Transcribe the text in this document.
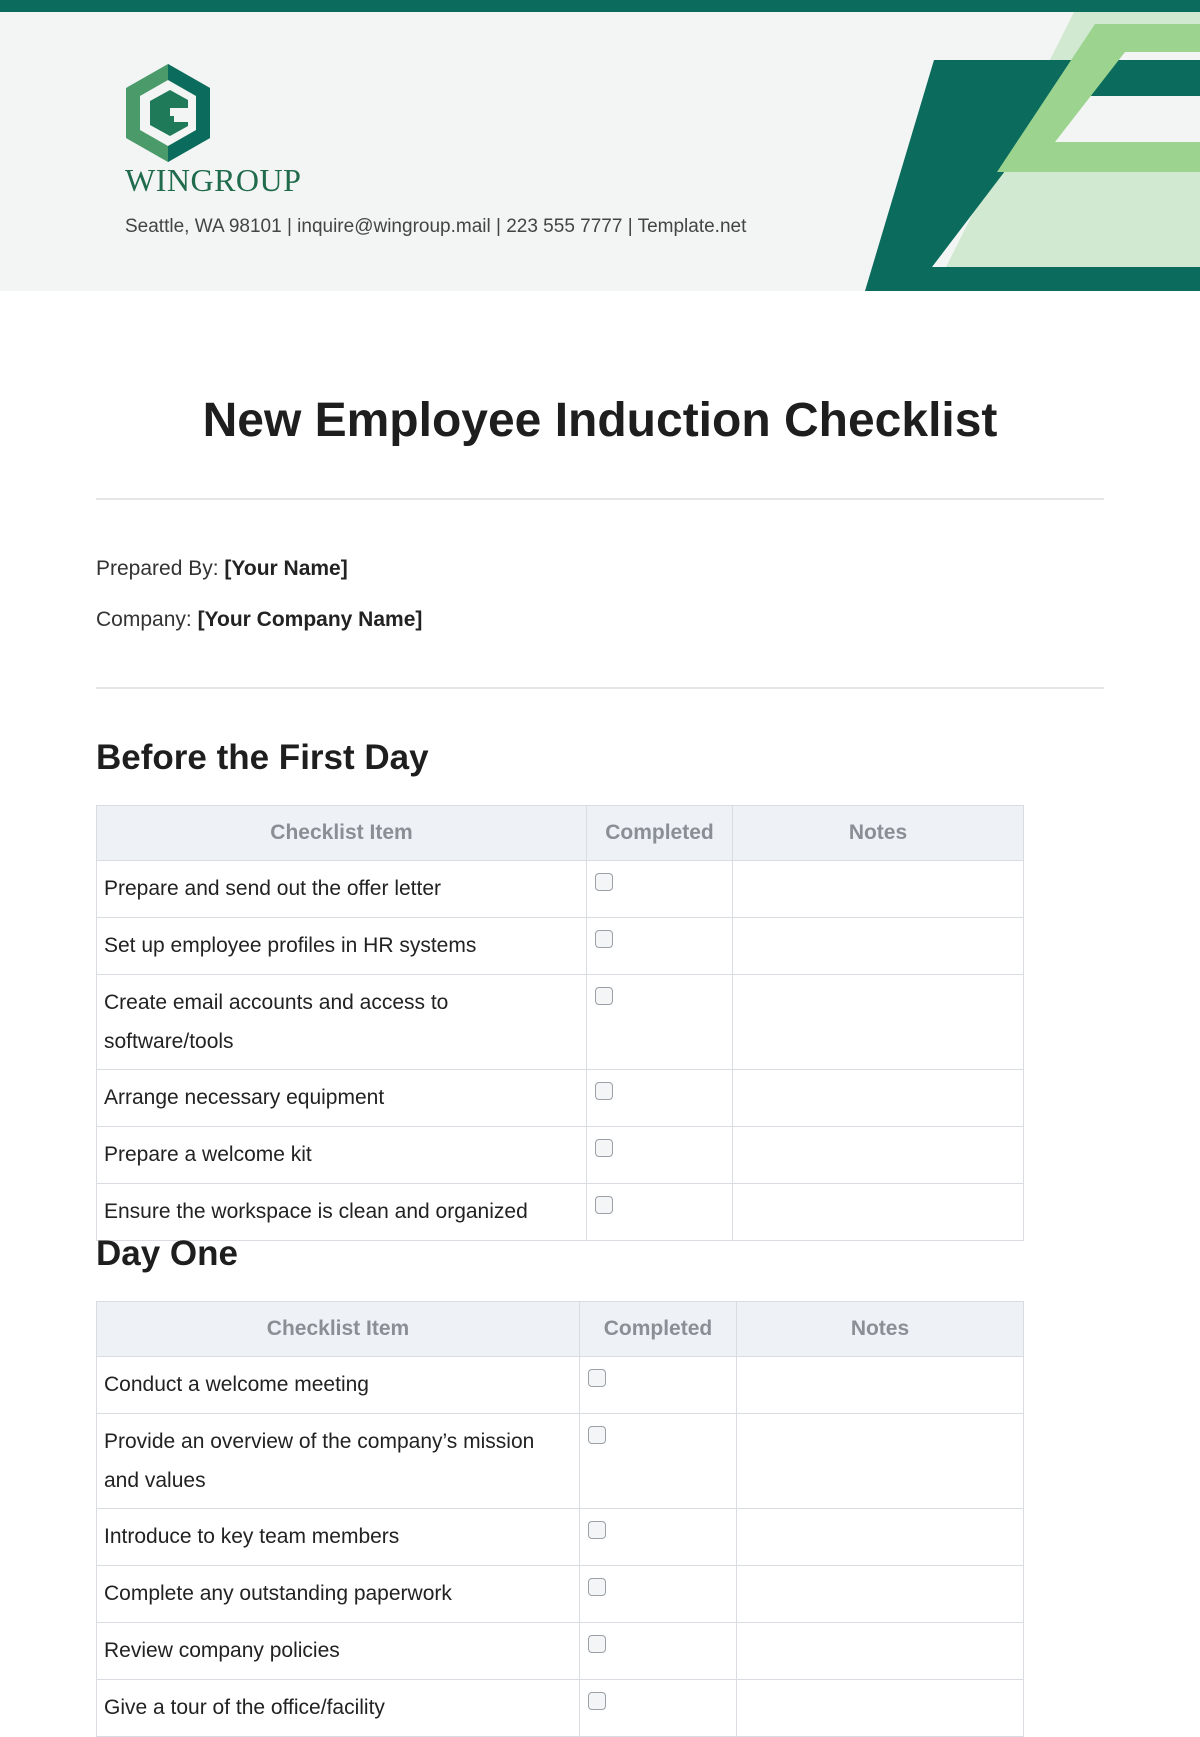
WINGROUP

Seattle, WA 98101 | inquire@wingroup.mail | 223 555 7777 | Template.net

New Employee Induction Checklist

Prepared By: [Your Name]

Company: [Your Company Name]

Before the First Day
Checklist Item	Completed	Notes
Prepare and send out the offer letter		
Set up employee profiles in HR systems		
Create email accounts and access to software/tools		
Arrange necessary equipment		
Prepare a welcome kit		
Ensure the workspace is clean and organized		
Day One
Checklist Item	Completed	Notes
Conduct a welcome meeting		
Provide an overview of the company’s mission and values		
Introduce to key team members		
Complete any outstanding paperwork		
Review company policies		
Give a tour of the office/facility		
